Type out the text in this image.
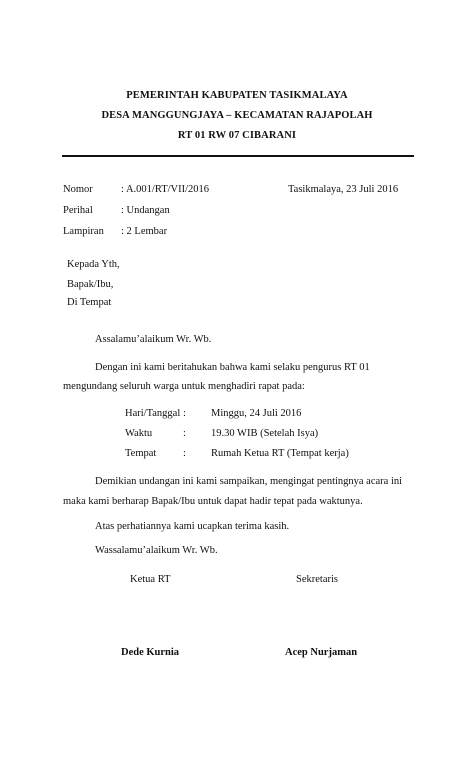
PEMERINTAH KABUPATEN TASIKMALAYA
DESA MANGGUNGJAYA – KECAMATAN RAJAPOLAH
RT 01 RW 07 CIBARANI
Nomor	: A.001/RT/VII/2016	Tasikmalaya, 23 Juli 2016
Perihal	: Undangan
Lampiran : 2 Lembar
Kepada Yth,
Bapak/Ibu,
Di Tempat
Assalamu’alaikum Wr. Wb.
Dengan ini kami beritahukan bahwa kami selaku pengurus RT 01
mengundang seluruh warga untuk menghadiri rapat pada:
Hari/Tanggal : Minggu, 24 Juli 2016
Waktu	: 19.30 WIB (Setelah Isya)
Tempat	: Rumah Ketua RT (Tempat kerja)
Demikian undangan ini kami sampaikan, mengingat pentingnya acara ini
maka kami berharap Bapak/Ibu untuk dapat hadir tepat pada waktunya.
Atas perhatiannya kami ucapkan terima kasih.
Wassalamu’alaikum Wr. Wb.
Ketua RT	Sekretaris
Dede Kurnia	Acep Nurjaman
